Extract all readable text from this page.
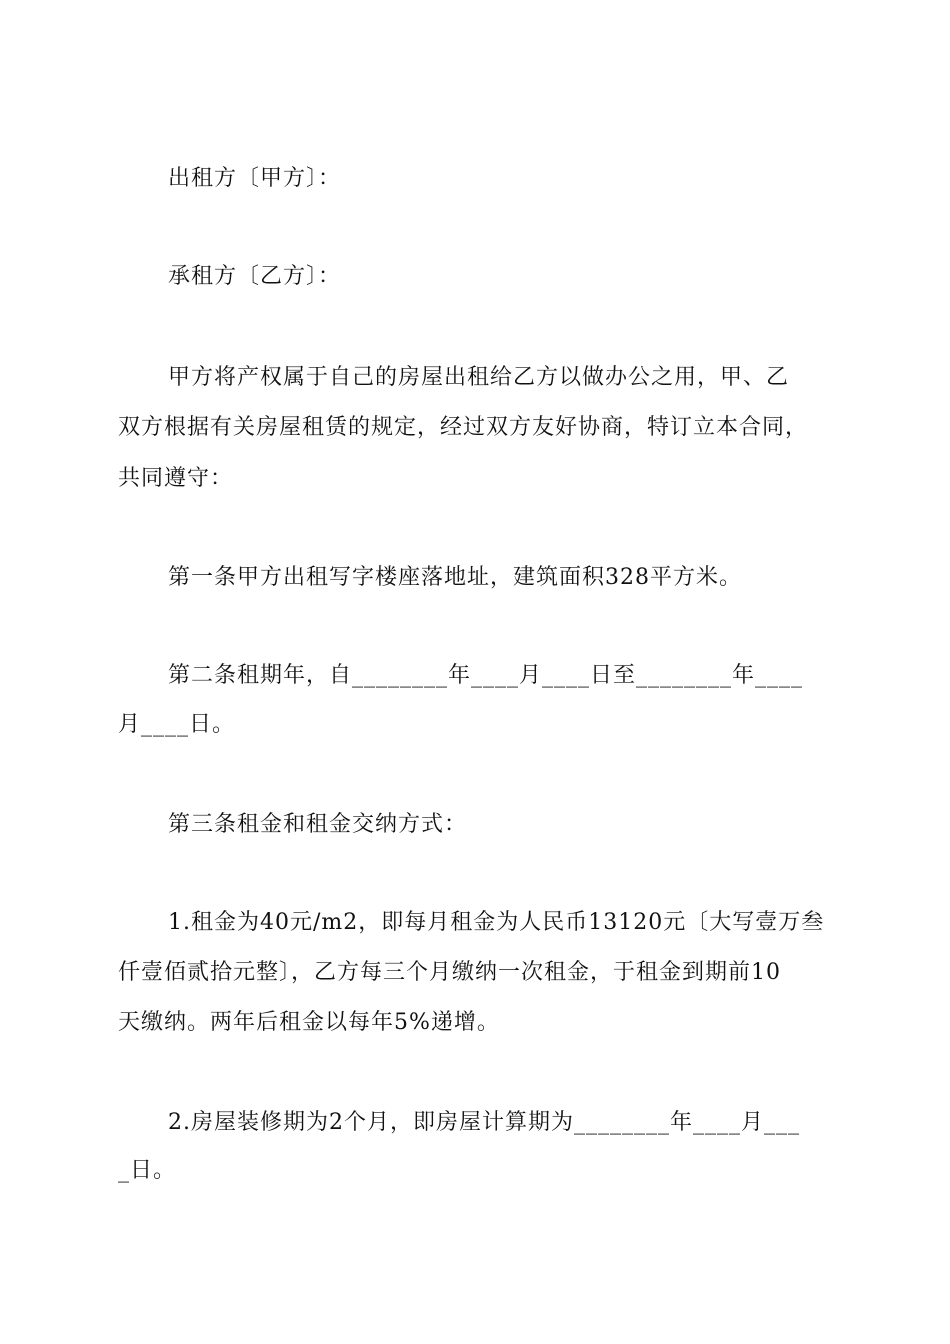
出租方〔甲方〕：

承租方〔乙方〕：

甲方将产权属于自己的房屋出租给乙方以做办公之用，甲、乙

双方根据有关房屋租赁的规定，经过双方友好协商，特订立本合同，

共同遵守：

第一条甲方出租写字楼座落地址，建筑面积328平方米。

第二条租期年，自________年____月____日至________年____

月____日。

第三条租金和租金交纳方式：

1.租金为40元/m2，即每月租金为人民币13120元〔大写壹万叁

仟壹佰贰拾元整〕，乙方每三个月缴纳一次租金，于租金到期前10

天缴纳。两年后租金以每年5%递增。

2.房屋装修期为2个月，即房屋计算期为________年____月___

_日。
